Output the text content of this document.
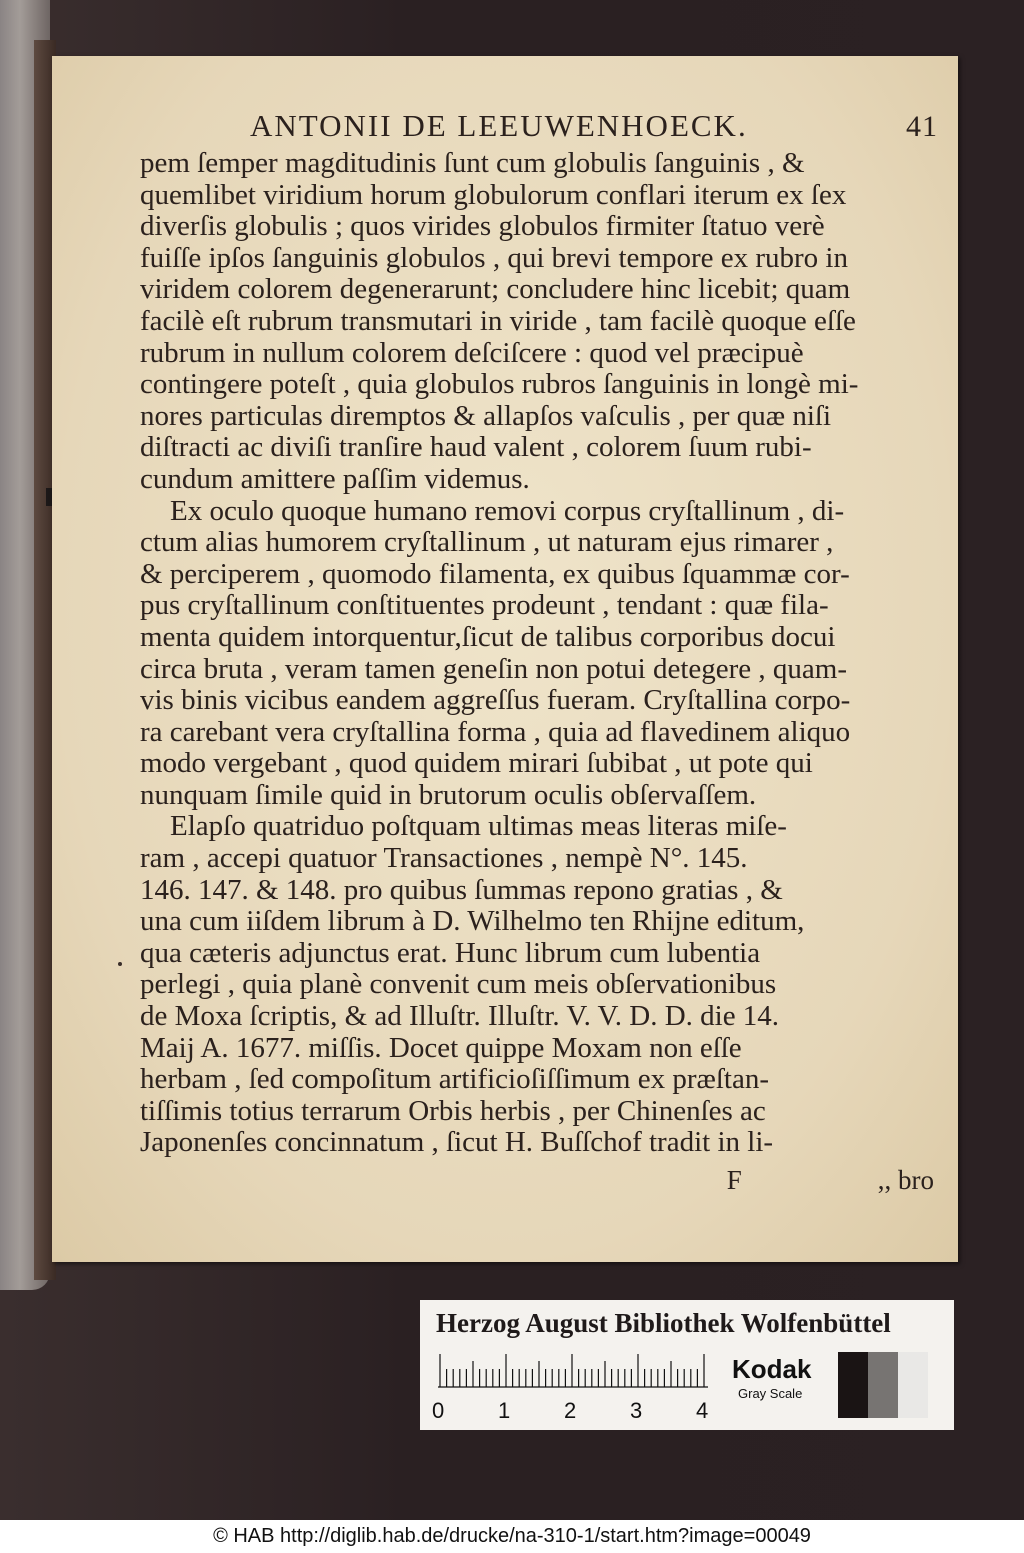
ANTONII DE LEEUWENHOECK.	41
pem ſemper magditudinis ſunt cum globulis ſanguinis , &
quemlibet viridium horum globulorum conflari iterum ex ſex
diverſis globulis ; quos virides globulos firmiter ſtatuo verè
fuiſſe ipſos ſanguinis globulos , qui brevi tempore ex rubro in
viridem colorem degenerarunt; concludere hinc licebit; quam
facilè eſt rubrum transmutari in viride , tam facilè quoque eſſe
rubrum in nullum colorem deſciſcere : quod vel præcipuè
contingere poteſt , quia globulos rubros ſanguinis in longè mi-
nores particulas diremptos & allapſos vaſculis , per quæ niſi
diſtracti ac diviſi tranſire haud valent , colorem ſuum rubi-
cundum amittere paſſim videmus.
Ex oculo quoque humano removi corpus cryſtallinum , di-
ctum alias humorem cryſtallinum , ut naturam ejus rimarer ,
& perciperem , quomodo filamenta, ex quibus ſquammæ cor-
pus cryſtallinum conſtituentes prodeunt , tendant : quæ fila-
menta quidem intorquentur,ſicut de talibus corporibus docui
circa bruta , veram tamen geneſin non potui detegere , quam-
vis binis vicibus eandem aggreſſus fueram. Cryſtallina corpo-
ra carebant vera cryſtallina forma , quia ad flavedinem aliquo
modo vergebant , quod quidem mirari ſubibat , ut pote qui
nunquam ſimile quid in brutorum oculis obſervaſſem.
Elapſo quatriduo poſtquam ultimas meas literas miſe-
ram , accepi quatuor Transactiones , nempè N°. 145.
146. 147. & 148. pro quibus ſummas repono gratias , &
una cum iiſdem librum à D. Wilhelmo ten Rhijne editum,
qua cæteris adjunctus erat. Hunc librum cum lubentia
perlegi , quia planè convenit cum meis obſervationibus
de Moxa ſcriptis, & ad Illuſtr. Illuſtr. V. V. D. D. die 14.
Maij A. 1677. miſſis. Docet quippe Moxam non eſſe
herbam , ſed compoſitum artificioſiſſimum ex præſtan-
tiſſimis totius terrarum Orbis herbis , per Chinenſes ac
Japonenſes concinnatum , ſicut H. Buſſchof tradit in li-
F	,, bro
Herzog August Bibliothek Wolfenbüttel
0 1 2 3 4
Kodak
Gray Scale
© HAB http://diglib.hab.de/drucke/na-310-1/start.htm?image=00049
